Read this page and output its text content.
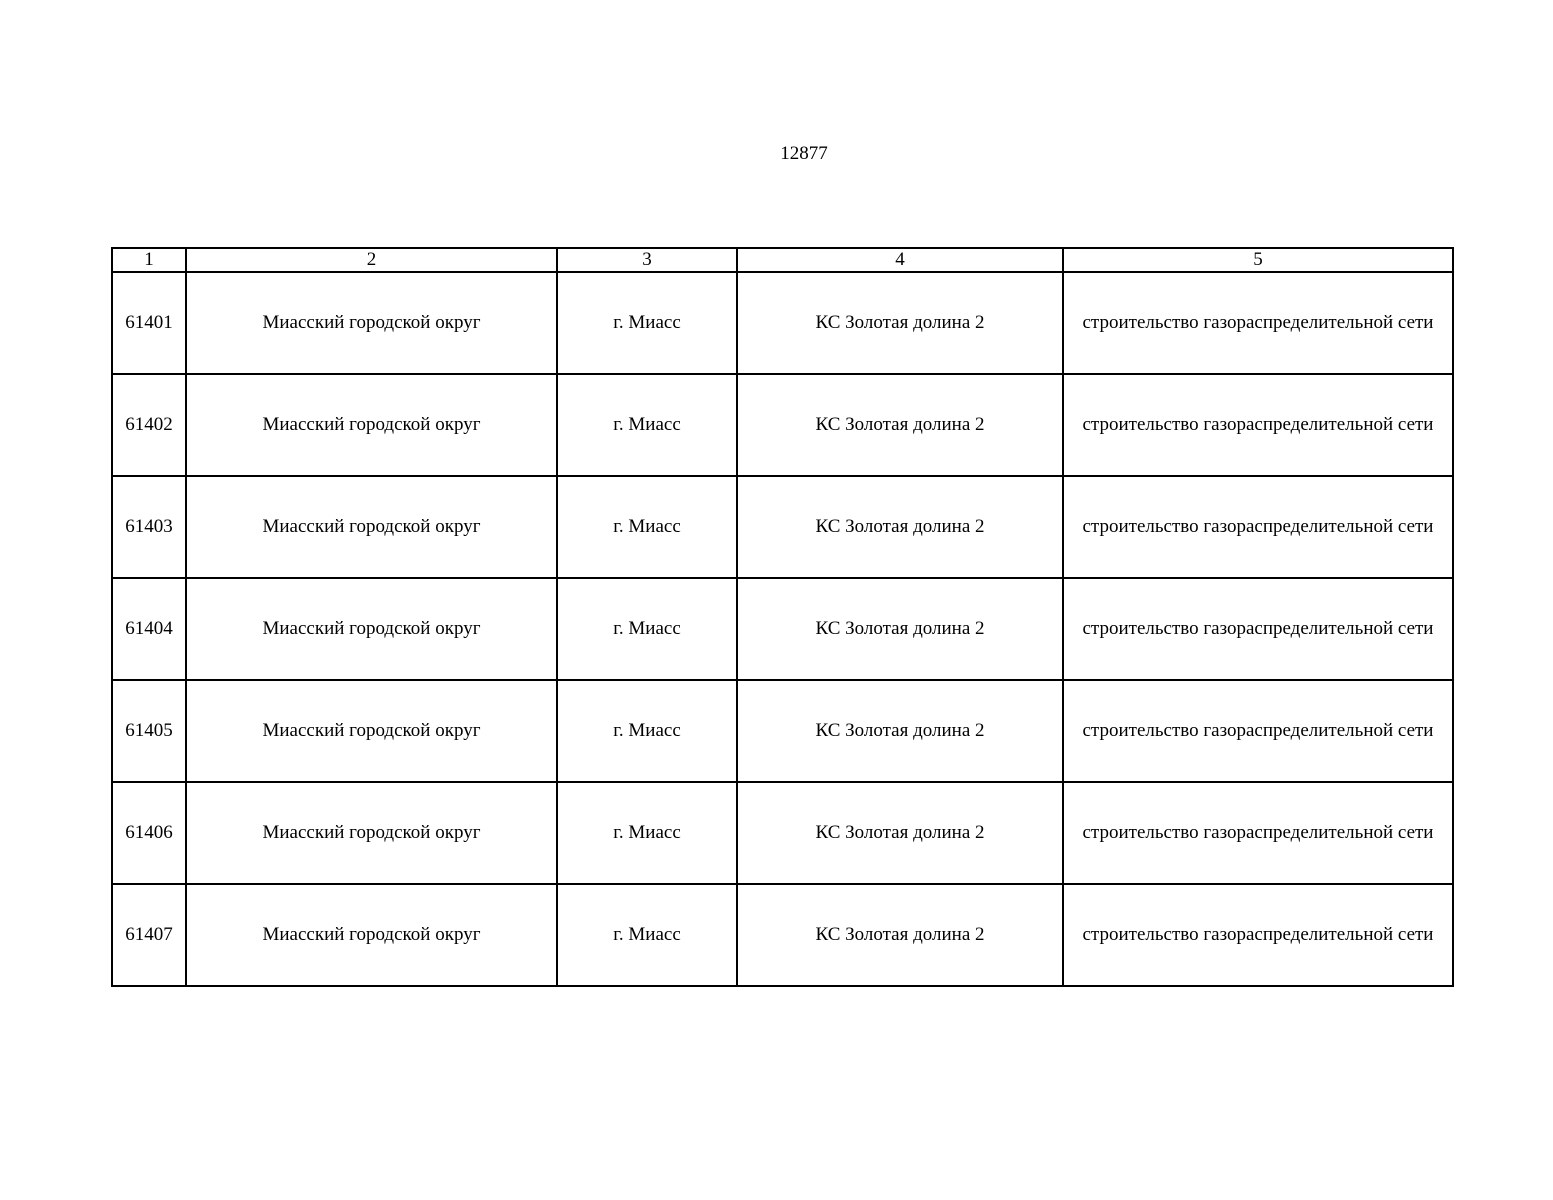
12877
1	2	3	4	5
61401	Миасский городской округ	г. Миасс	КС Золотая долина 2	строительство газораспределительной сети
61402	Миасский городской округ	г. Миасс	КС Золотая долина 2	строительство газораспределительной сети
61403	Миасский городской округ	г. Миасс	КС Золотая долина 2	строительство газораспределительной сети
61404	Миасский городской округ	г. Миасс	КС Золотая долина 2	строительство газораспределительной сети
61405	Миасский городской округ	г. Миасс	КС Золотая долина 2	строительство газораспределительной сети
61406	Миасский городской округ	г. Миасс	КС Золотая долина 2	строительство газораспределительной сети
61407	Миасский городской округ	г. Миасс	КС Золотая долина 2	строительство газораспределительной сети
